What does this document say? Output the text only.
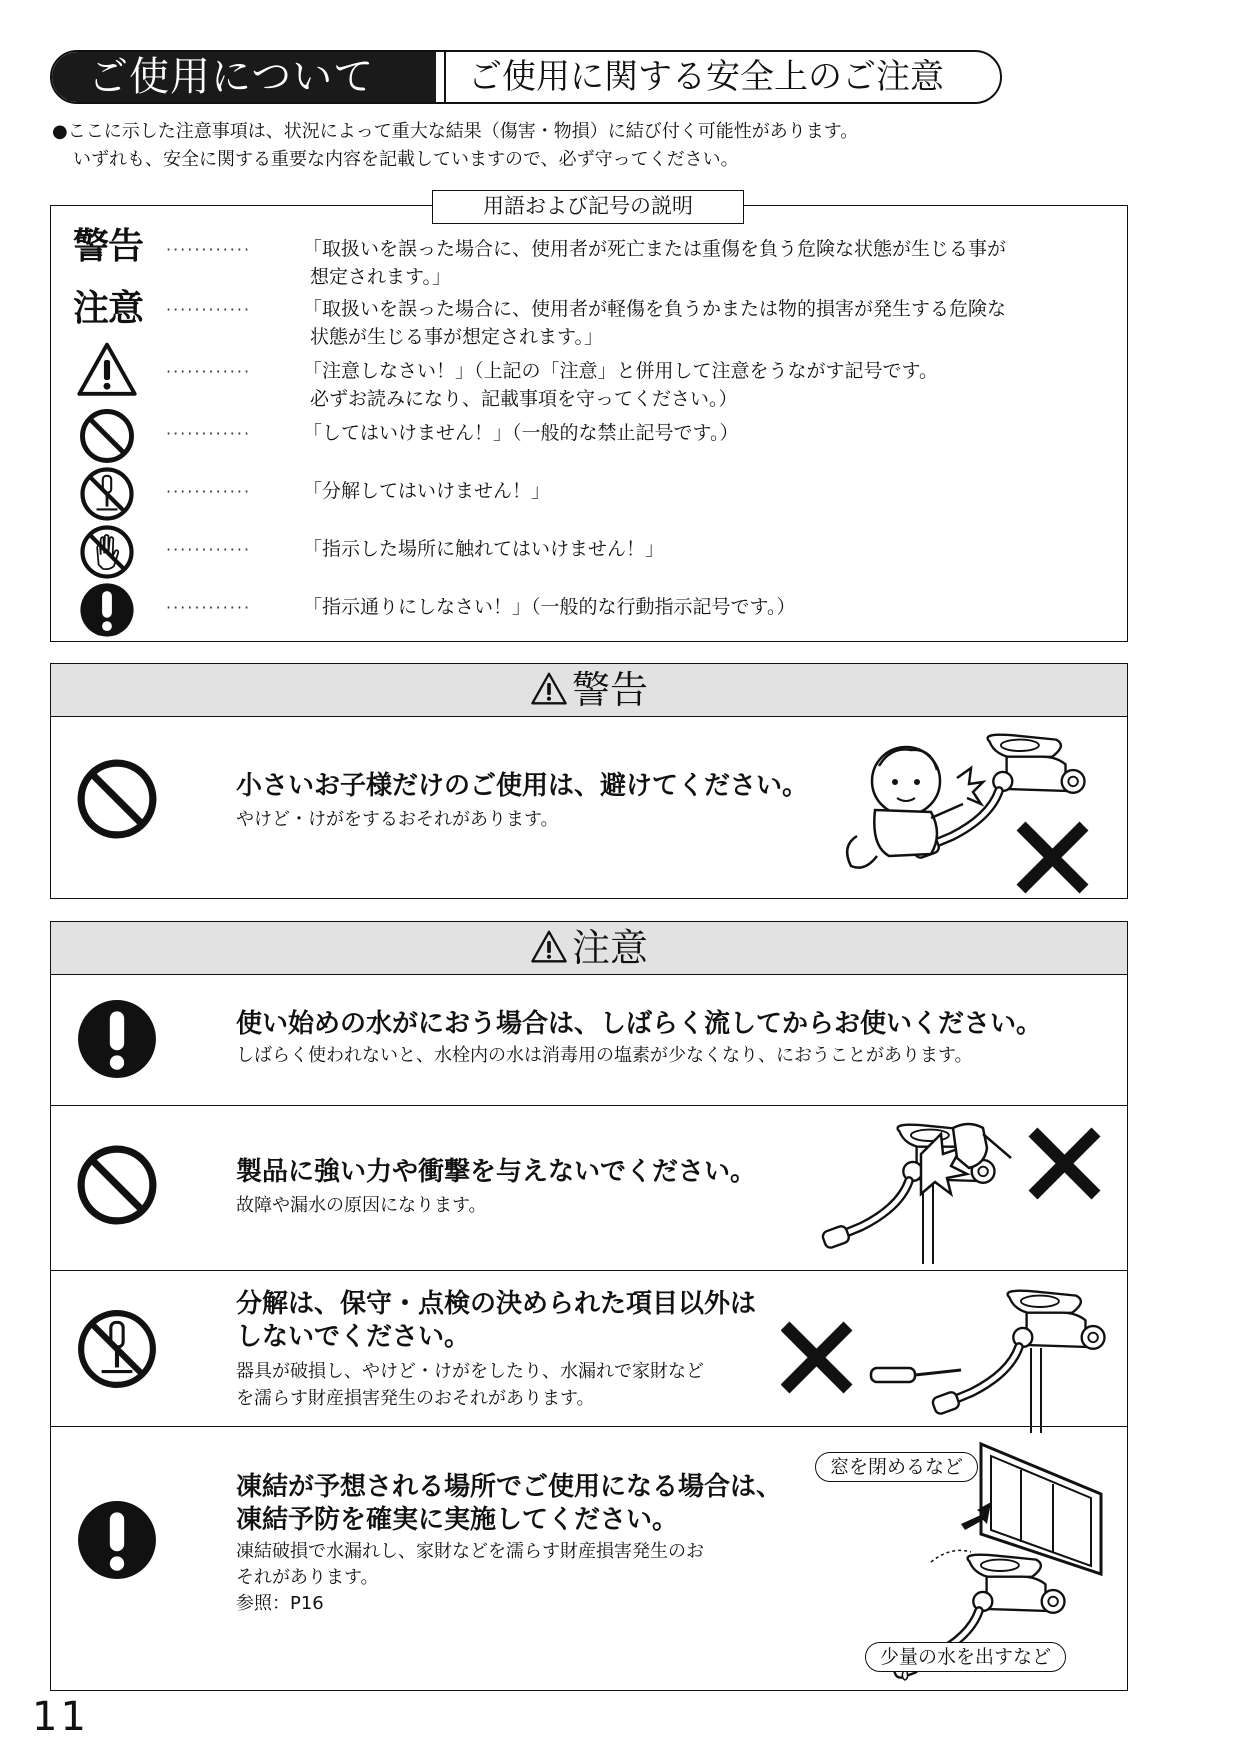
ご使用について	ご使用に関する安全上のご注意
●ここに示した注意事項は、状況によって重大な結果（傷害・物損）に結び付く可能性があります。
いずれも、安全に関する重要な内容を記載していますので、必ず守ってください。
用語および記号の説明
警告 ············	「取扱いを誤った場合に、使用者が死亡または重傷を負う危険な状態が生じる事が
想定されます。」
注意 ············	「取扱いを誤った場合に、使用者が軽傷を負うかまたは物的損害が発生する危険な
状態が生じる事が想定されます。」
············	「注意しなさい！」（上記の「注意」と併用して注意をうながす記号です。
必ずお読みになり、記載事項を守ってください。）
············	「してはいけません！」（一般的な禁止記号です。）
············	「分解してはいけません！」
············	「指示した場所に触れてはいけません！」
············	「指示通りにしなさい！」（一般的な行動指示記号です。）
警告
小さいお子様だけのご使用は、避けてください。
やけど・けがをするおそれがあります。
注意
使い始めの水がにおう場合は、しばらく流してからお使いください。
しばらく使われないと、水栓内の水は消毒用の塩素が少なくなり、におうことがあります。
製品に強い力や衝撃を与えないでください。
故障や漏水の原因になります。
分解は、保守・点検の決められた項目以外は
しないでください。
器具が破損し、やけど・けがをしたり、水漏れで家財など
を濡らす財産損害発生のおそれがあります。
凍結が予想される場所でご使用になる場合は、
凍結予防を確実に実施してください。
凍結破損で水漏れし、家財などを濡らす財産損害発生のお
それがあります。
参照：P16
窓を閉めるなど
少量の水を出すなど
11
